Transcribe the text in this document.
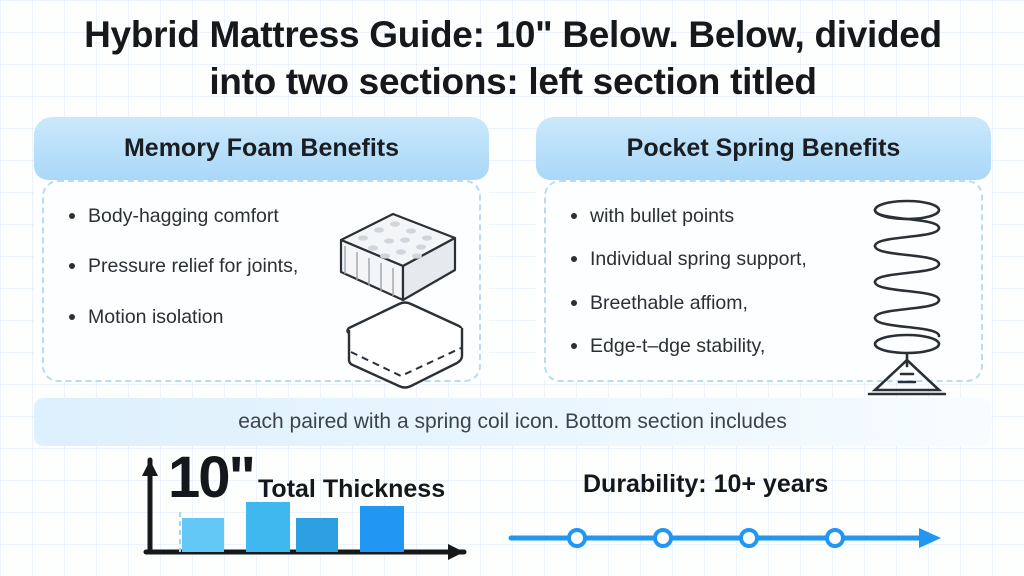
Hybrid Mattress Guide: 10" Below. Below, divided into two sections: left section titled
Memory Foam Benefits
Body-hagging comfort
Pressure relief for joints,
Motion isolation
Pocket Spring Benefits
with bullet points
Individual spring support,
Breethable affiom,
Edge-t–dge stability,
each paired with a spring coil icon. Bottom section includes
10" Total Thickness	Durability: 10+ years
